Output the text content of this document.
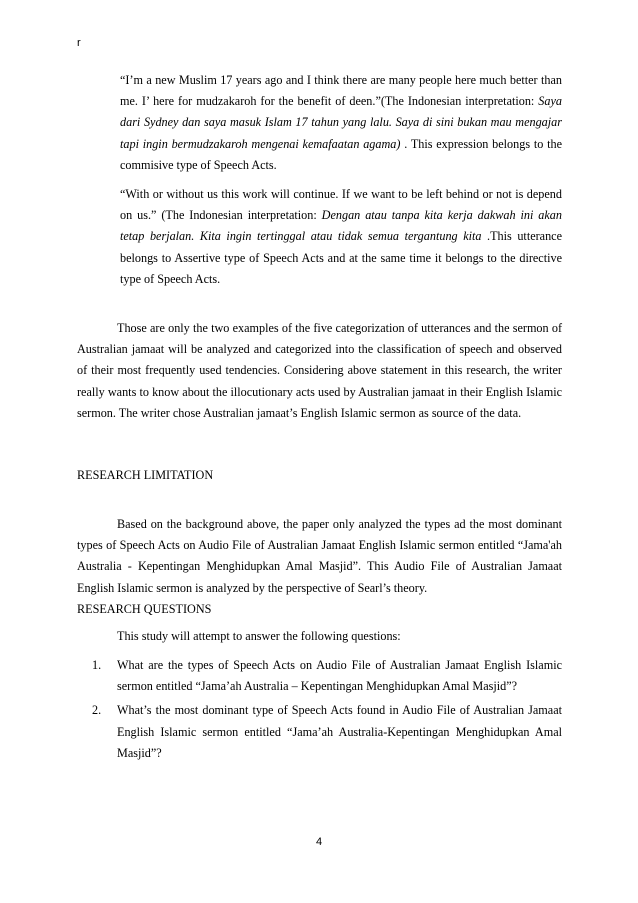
r
“I’m a new Muslim 17 years ago and I think there are many people here much better than me. I’ here for mudzakaroh for the benefit of deen.”(The Indonesian interpretation: Saya dari Sydney dan saya masuk Islam 17 tahun yang lalu. Saya di sini bukan mau mengajar tapi ingin bermudzakaroh mengenai kemafaatan agama) . This expression belongs to the commisive type of Speech Acts.
“With or without us this work will continue. If we want to be left behind or not is depend on us.” (The Indonesian interpretation: Dengan atau tanpa kita kerja dakwah ini akan tetap berjalan. Kita ingin tertinggal atau tidak semua tergantung kita .This utterance belongs to Assertive type of Speech Acts and at the same time it belongs to the directive type of Speech Acts.
Those are only the two examples of the five categorization of utterances and the sermon of Australian jamaat will be analyzed and categorized into the classification of speech and observed of their most frequently used tendencies. Considering above statement in this research, the writer really wants to know about the illocutionary acts used by Australian jamaat in their English Islamic sermon. The writer chose Australian jamaat’s English Islamic sermon as source of the data.
RESEARCH LIMITATION
Based on the background above, the paper only analyzed the types ad the most dominant types of Speech Acts on Audio File of Australian Jamaat English Islamic sermon entitled “Jama'ah Australia - Kepentingan Menghidupkan Amal Masjid”. This Audio File of Australian Jamaat English Islamic sermon is analyzed by the perspective of Searl’s theory.
RESEARCH QUESTIONS
This study will attempt to answer the following questions:
1.	What are the types of Speech Acts on Audio File of Australian Jamaat English Islamic sermon entitled “Jama’ah Australia – Kepentingan Menghidupkan Amal Masjid”?
2.	What’s the most dominant type of Speech Acts found in Audio File of Australian Jamaat English Islamic sermon entitled “Jama’ah Australia-Kepentingan Menghidupkan Amal Masjid”?
4
